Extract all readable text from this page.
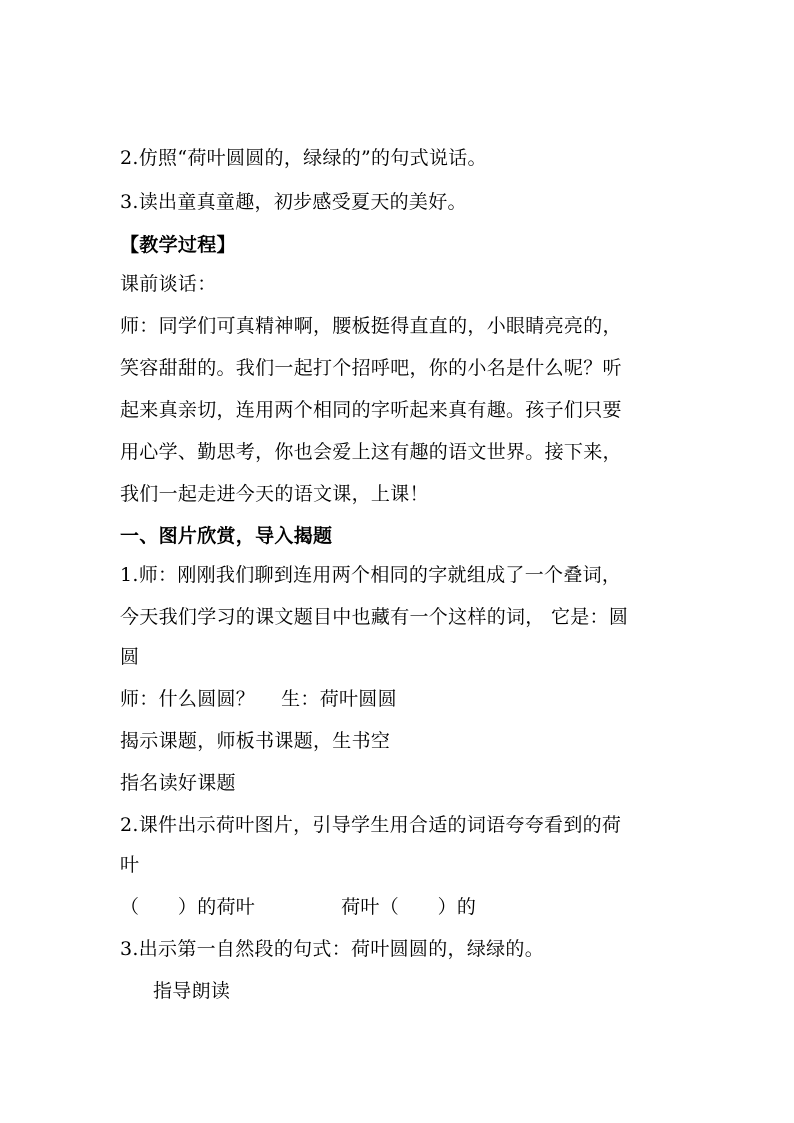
2.仿照“荷叶圆圆的，绿绿的”的句式说话。
3.读出童真童趣，初步感受夏天的美好。
【教学过程】
课前谈话：
师：同学们可真精神啊，腰板挺得直直的，小眼睛亮亮的，
笑容甜甜的。我们一起打个招呼吧，你的小名是什么呢？听
起来真亲切，连用两个相同的字听起来真有趣。孩子们只要
用心学、勤思考，你也会爱上这有趣的语文世界。接下来，
我们一起走进今天的语文课，上课！
一、图片欣赏，导入揭题
1.师：刚刚我们聊到连用两个相同的字就组成了一个叠词，
今天我们学习的课文题目中也藏有一个这样的词， 它是：圆
圆
师：什么圆圆？ 生：荷叶圆圆
揭示课题，师板书课题，生书空
指名读好课题
2.课件出示荷叶图片，引导学生用合适的词语夸夸看到的荷
叶
（　　）的荷叶	荷叶（　　）的
3.出示第一自然段的句式：荷叶圆圆的，绿绿的。
指导朗读
